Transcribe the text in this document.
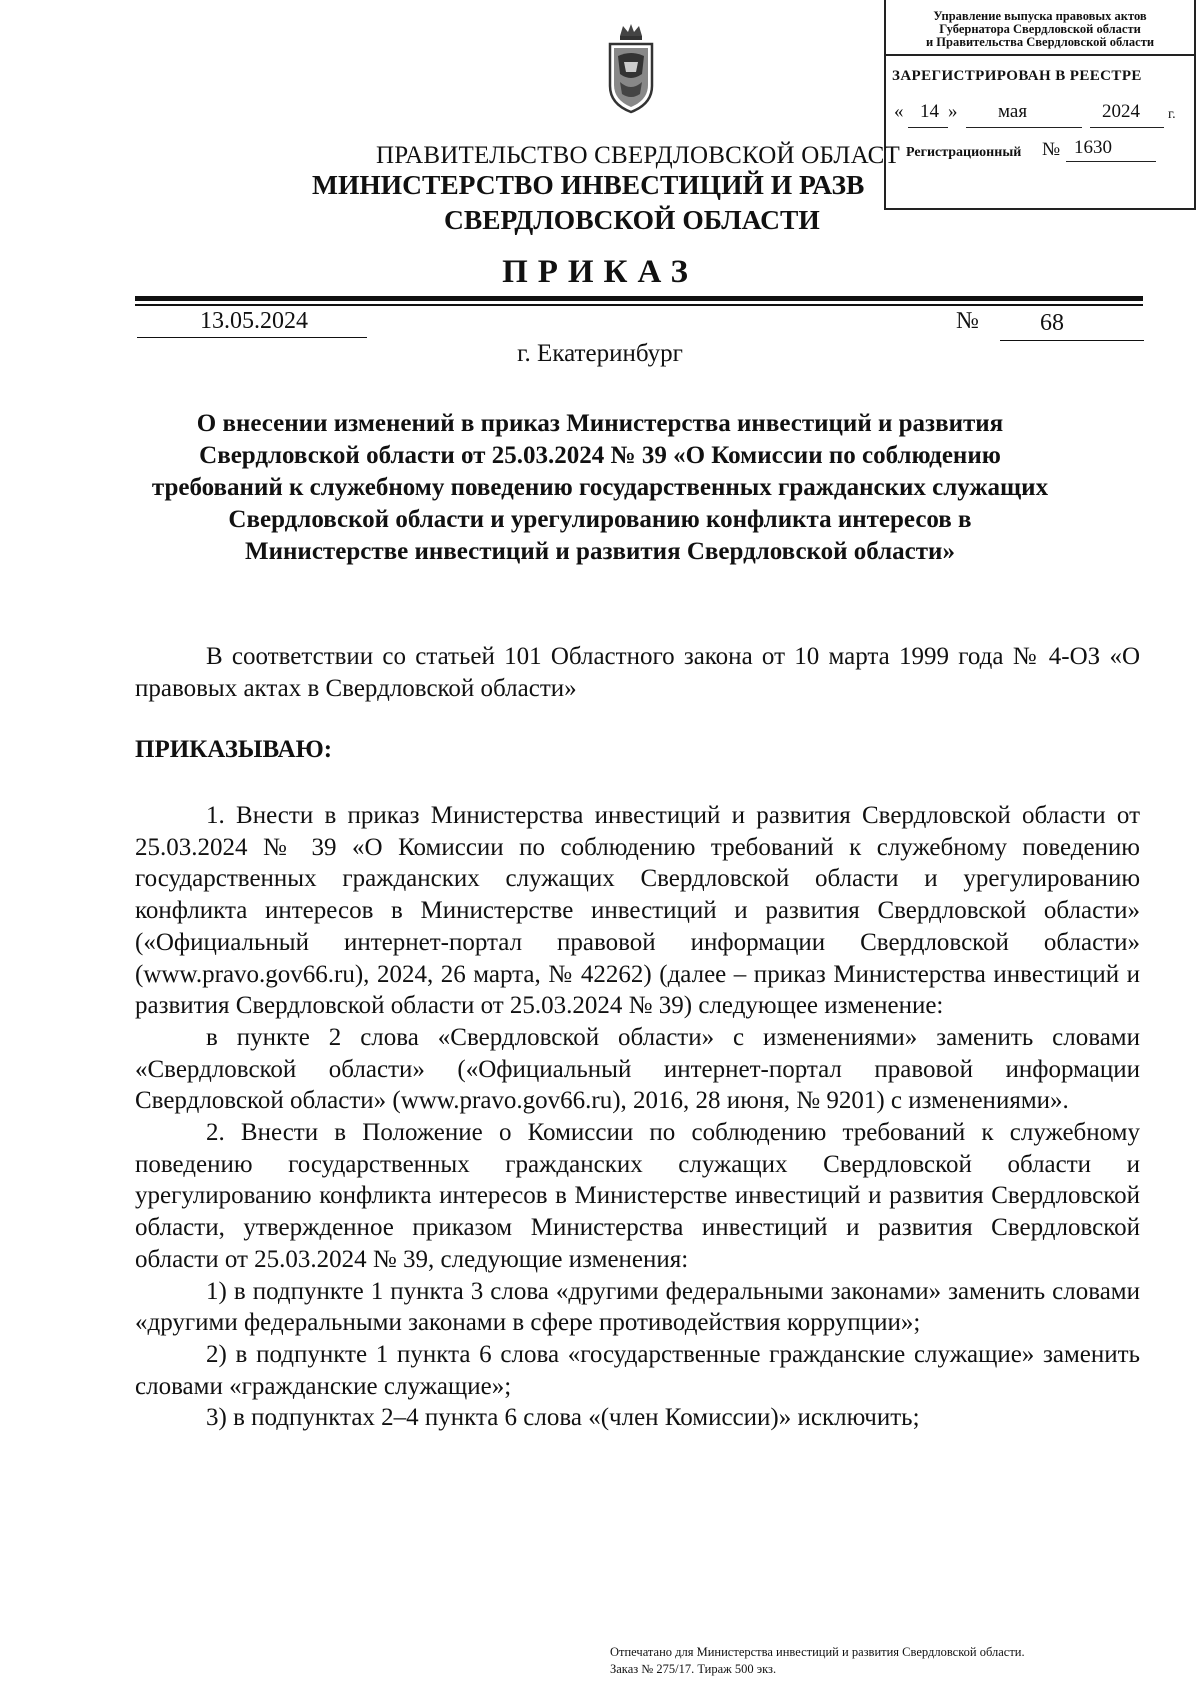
Управление выпуска правовых актов
Губернатора Свердловской области
и Правительства Свердловской области
ЗАРЕГИСТРИРОВАН В РЕЕСТРЕ
« 14 » мая	2024 г.
Регистрационный № 1630
ПРАВИТЕЛЬСТВО СВЕРДЛОВСКОЙ ОБЛАСТ
МИНИСТЕРСТВО ИНВЕСТИЦИЙ И РАЗВ
СВЕРДЛОВСКОЙ ОБЛАСТИ
ПРИКАЗ
13.05.2024	№	68
г. Екатеринбург
О внесении изменений в приказ Министерства инвестиций и развития Свердловской области от 25.03.2024 № 39 «О Комиссии по соблюдению требований к служебному поведению государственных гражданских служащих Свердловской области и урегулированию конфликта интересов в Министерстве инвестиций и развития Свердловской области»
В соответствии со статьей 101 Областного закона от 10 марта 1999 года № 4-ОЗ «О правовых актах в Свердловской области»
ПРИКАЗЫВАЮ:

1. Внести в приказ Министерства инвестиций и развития Свердловской области от 25.03.2024 № 39 «О Комиссии по соблюдению требований к служебному поведению государственных гражданских служащих Свердловской области и урегулированию конфликта интересов в Министерстве инвестиций и развития Свердловской области» («Официальный интернет-портал правовой информации Свердловской области» (www.pravo.gov66.ru), 2024, 26 марта, № 42262) (далее – приказ Министерства инвестиций и развития Свердловской области от 25.03.2024 № 39) следующее изменение:

в пункте 2 слова «Свердловской области» с изменениями» заменить словами «Свердловской области» («Официальный интернет-портал правовой информации Свердловской области» (www.pravo.gov66.ru), 2016, 28 июня, № 9201) с изменениями».

2. Внести в Положение о Комиссии по соблюдению требований к служебному поведению государственных гражданских служащих Свердловской области и урегулированию конфликта интересов в Министерстве инвестиций и развития Свердловской области, утвержденное приказом Министерства инвестиций и развития Свердловской области от 25.03.2024 № 39, следующие изменения:

1) в подпункте 1 пункта 3 слова «другими федеральными законами» заменить словами «другими федеральными законами в сфере противодействия коррупции»;

2) в подпункте 1 пункта 6 слова «государственные гражданские служащие» заменить словами «гражданские служащие»;

3) в подпунктах 2–4 пункта 6 слова «(член Комиссии)» исключить;

Отпечатано для Министерства инвестиций и развития Свердловской области.
Заказ № 275/17. Тираж 500 экз.
